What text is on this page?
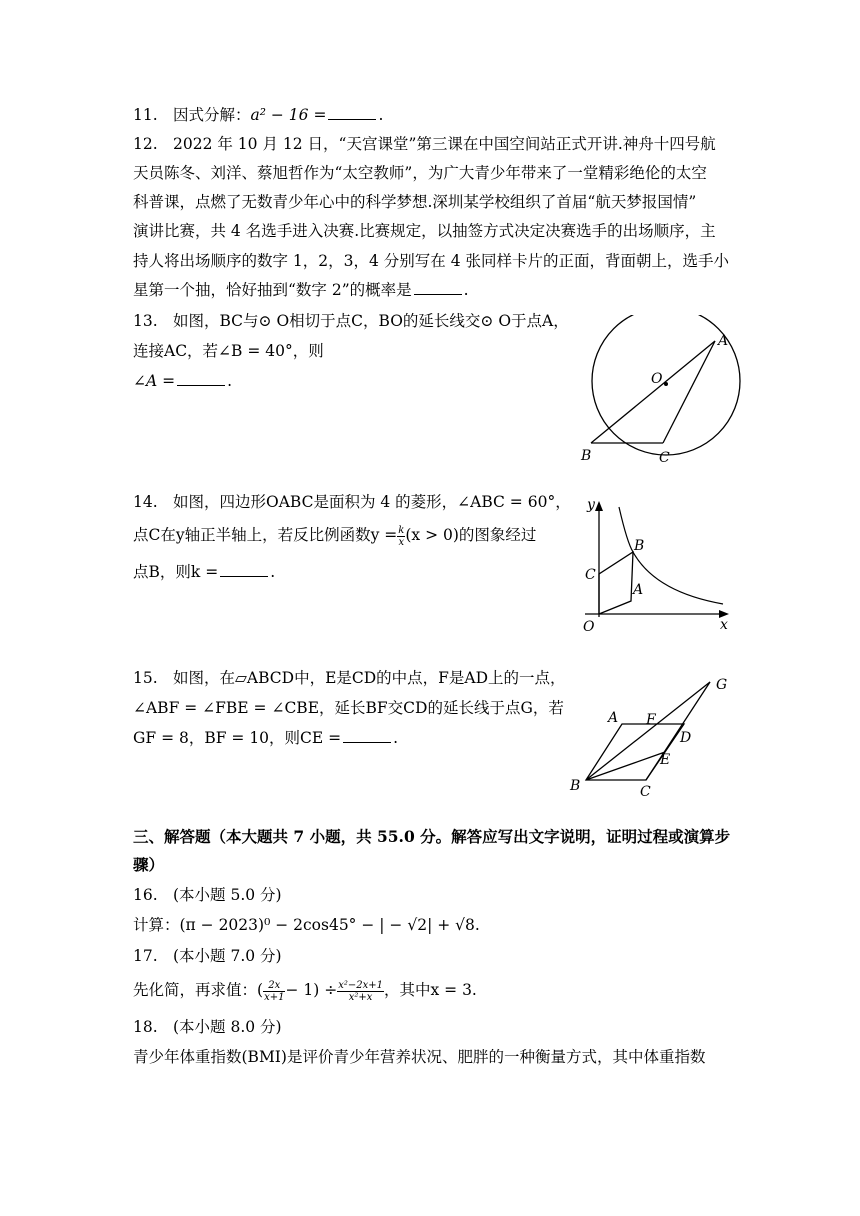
11. 因式分解：a² − 16 =	.
12. 2022 年 10 月 12 日，“天宫课堂”第三课在中国空间站正式开讲.神舟十四号航
天员陈冬、刘洋、蔡旭哲作为“太空教师”，为广大青少年带来了一堂精彩绝伦的太空
科普课，点燃了无数青少年心中的科学梦想.深圳某学校组织了首届“航天梦报国情”
演讲比赛，共 4 名选手进入决赛.比赛规定，以抽签方式决定决赛选手的出场顺序，主
持人将出场顺序的数字 1，2，3，4 分别写在 4 张同样卡片的正面，背面朝上，选手小
星第一个抽，恰好抽到“数字 2”的概率是	.
13. 如图，BC与⊙ O相切于点C，BO的延长线交⊙ O于点A，
连接AC，若∠B = 40°，则
∠A =	.	O
A
B	C
14. 如图，四边形OABC是面积为 4 的菱形，∠ABC = 60°，
点C在y轴正半轴上，若反比例函数$y = \frac{k}{x} (x > 0)$的图象经过
点B，则k =	.
y
x
O
A
B
C
15. 如图，在▱ABCD中，E是CD的中点，F是AD上的一点，
∠ABF = ∠FBE = ∠CBE，延长BF交CD的延长线于点G，若
GF = 8，BF = 10，则CE =	.
A
B	C
D
E
F
G
三、解答题（本大题共 7 小题，共 55.0 分。解答应写出文字说明，证明过程或演算步
骤）
16. (本小题 5.0 分)
计算：(π − 2023)⁰ − 2cos45° − | − √2| + √8.
17. (本小题 7.0 分)
先化简，再求值：( $\frac{2x}{x+1} - 1) \div \frac{\text{x²−2x+1}}{\text{x²+x}}$ ，其中x = 3.
18. (本小题 8.0 分)
青少年体重指数(BMI)是评价青少年营养状况、肥胖的一种衡量方式，其中体重指数
